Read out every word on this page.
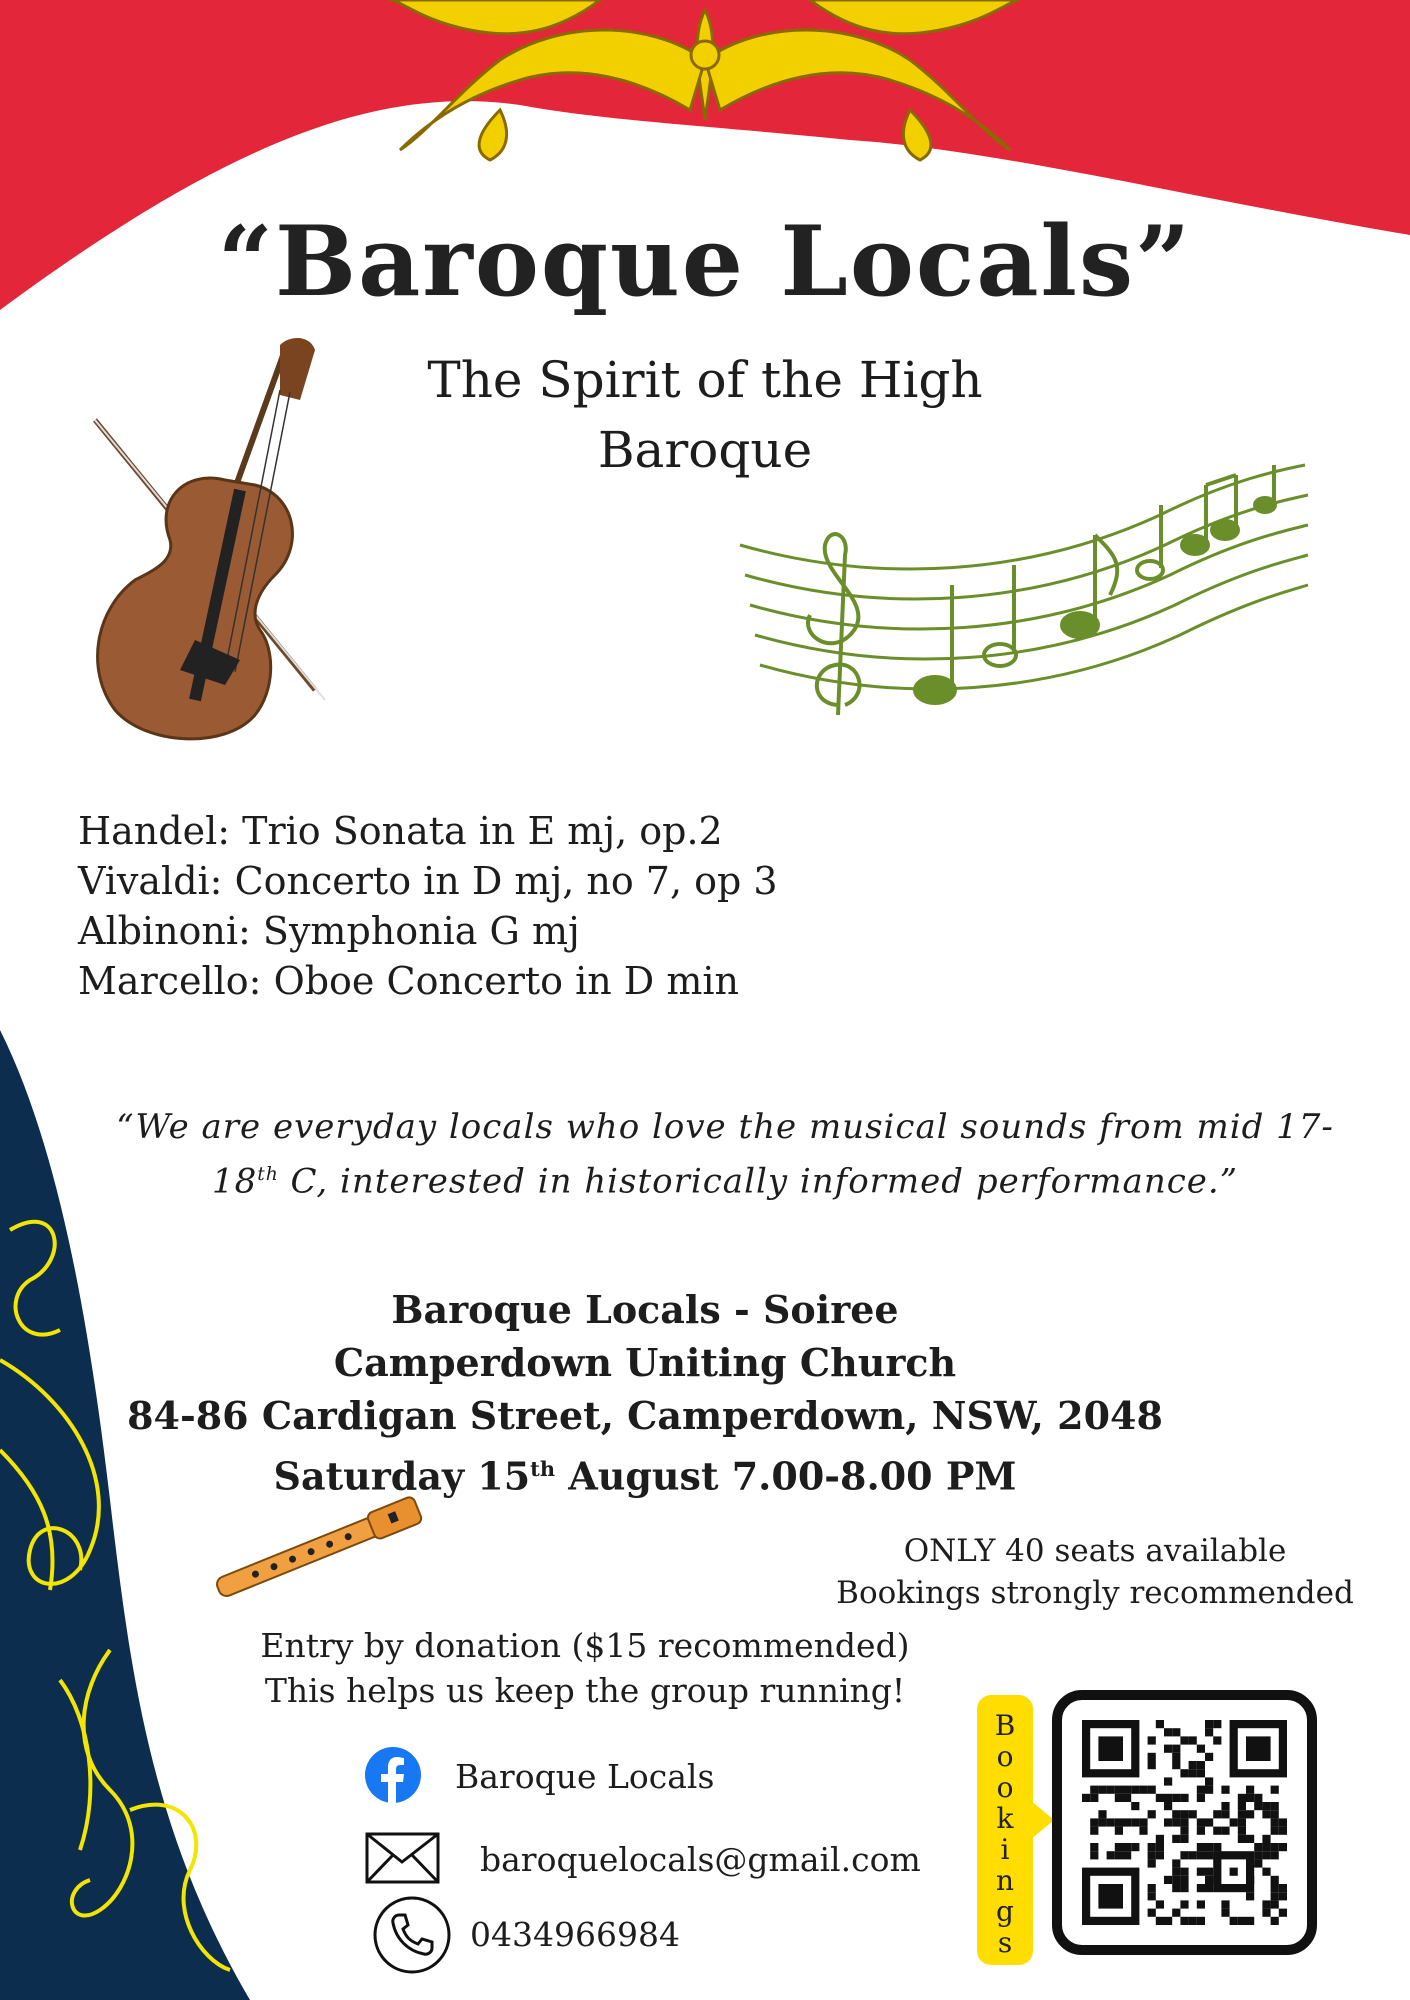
“Baroque Locals”
The Spirit of the High
Baroque
Handel: Trio Sonata in E mj, op.2
Vivaldi: Concerto in D mj, no 7, op 3
Albinoni: Symphonia G mj
Marcello: Oboe Concerto in D min
“We are everyday locals who love the musical sounds from mid 17-
18th C, interested in historically informed performance.”
Baroque Locals - Soiree
Camperdown Uniting Church
84-86 Cardigan Street, Camperdown, NSW, 2048
Saturday 15th August 7.00-8.00 PM
ONLY 40 seats available
Bookings strongly recommended
Entry by donation ($15 recommended)
This helps us keep the group running!
Baroque Locals
baroquelocals@gmail.com
0434966984
B
o
o
k
i
n
g
s
